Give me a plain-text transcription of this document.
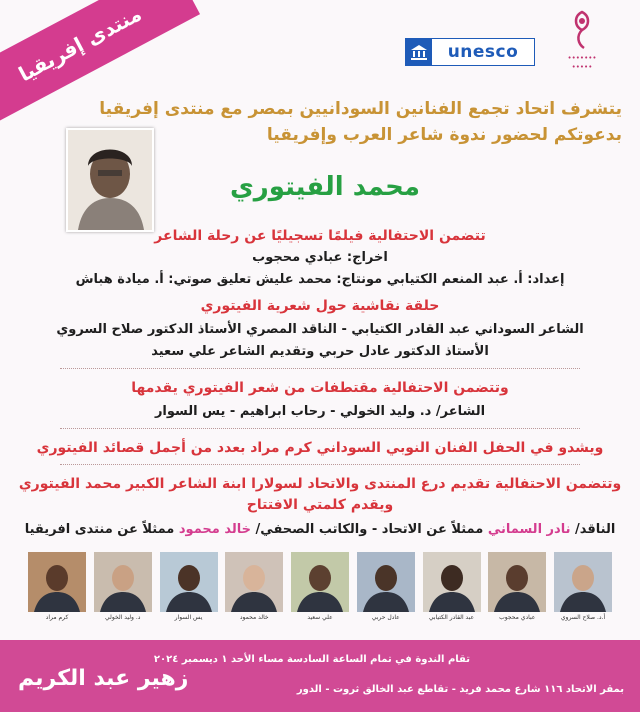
منتدى إفريقيا	unesco	•••••••
•••••
يتشرف اتحاد تجمع الفنانين السودانيين بمصر مع منتدى إفريقيا
بدعوتكم لحضور ندوة شاعر العرب وإفريقيا
محمد الفيتوري
تتضمن الاحتفالية فيلمًا تسجيليًا عن رحلة الشاعر
اخراج: عبادي محجوب
إعداد: أ. عبد المنعم الكتيابي مونتاج: محمد عليش تعليق صوتي: أ. ميادة هباش
حلقة نقاشية حول شعرية الفيتوري
الشاعر السوداني عبد القادر الكتيابي - الناقد المصري الأستاذ الدكتور صلاح السروي
الأستاذ الدكتور عادل حربي وتقديم الشاعر علي سعيد
وتتضمن الاحتفالية مقتطفات من شعر الفيتوري يقدمها
الشاعر/ د. وليد الخولي - رحاب ابراهيم - يس السوار
ويشدو في الحفل الفنان النوبي السوداني كرم مراد بعدد من أجمل قصائد الفيتوري
وتتضمن الاحتفالية تقديم درع المنتدى والاتحاد لسولارا ابنة الشاعر الكبير محمد الفيتوري
ويقدم كلمتي الافتتاح
الناقد/ نادر السماني ممثلاً عن الاتحاد - والكاتب الصحفي/ خالد محمود ممثلاً عن منتدى افريقيا
أ.د. صلاح السروي
عبادي محجوب
عبد القادر الكتيابي
عادل حربي
علي سعيد
خالد محمود
يس السوار
د. وليد الخولي
كرم مراد
تقام الندوة في تمام الساعة السادسة مساء الأحد ١ ديسمبر ٢٠٢٤
بمقر الاتحاد ١١٦ شارع محمد فريد - تقاطع عبد الخالق ثروت - الدور
زهير عبد الكريم
